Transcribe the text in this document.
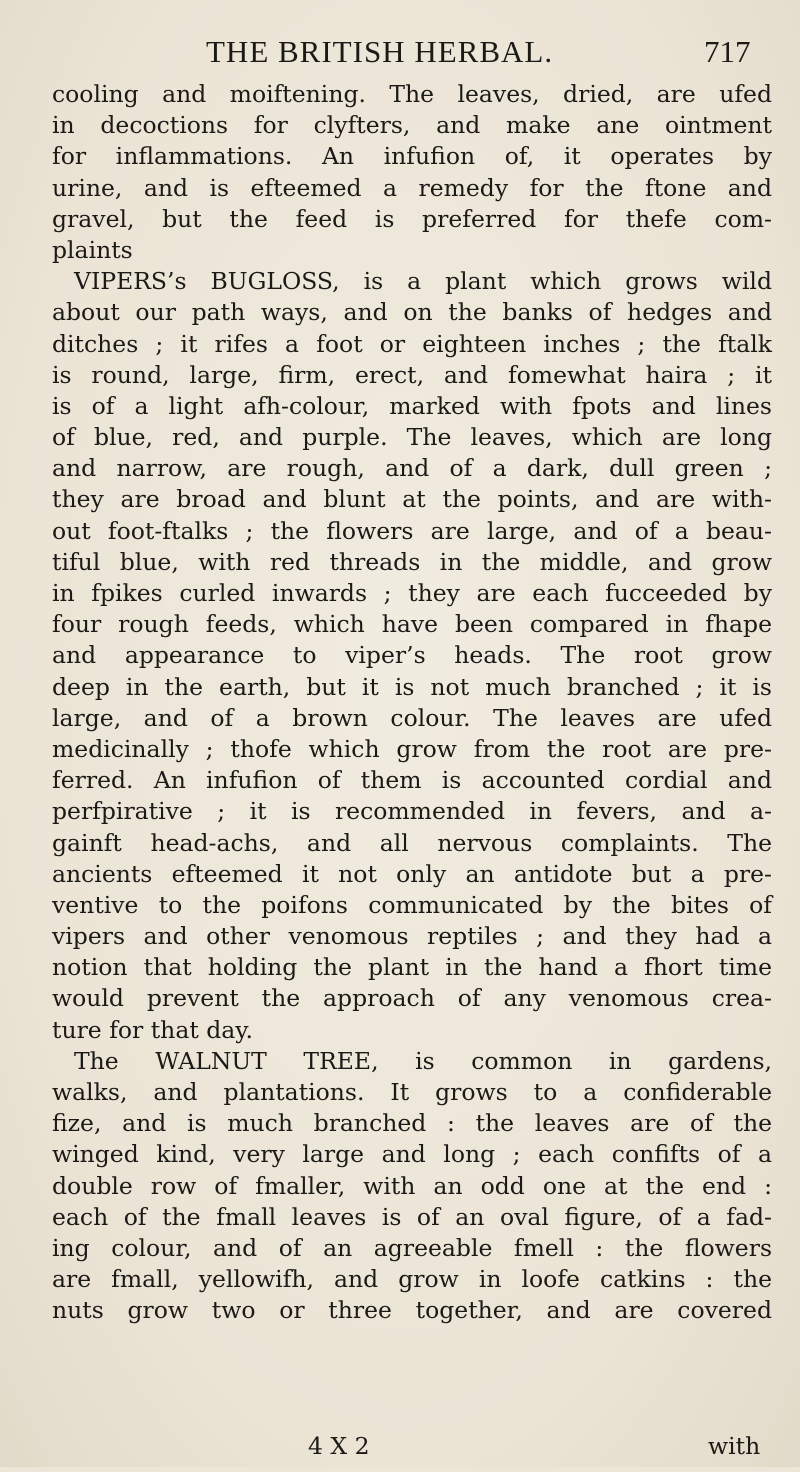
THE BRITISH HERBAL.	717
cooling and moiftening. The leaves, dried, are ufed
in decoctions for clyfters, and make ane ointment
for inflammations. An infufion of, it operates by
urine, and is efteemed a remedy for the ftone and
gravel, but the feed is preferred for thefe com-
plaints
VIPERS’s BUGLOSS, is a plant which grows wild
about our path ways, and on the banks of hedges and
ditches ; it rifes a foot or eighteen inches ; the ftalk
is round, large, firm, erect, and fomewhat haira ; it
is of a light afh-colour, marked with fpots and lines
of blue, red, and purple. The leaves, which are long
and narrow, are rough, and of a dark, dull green ;
they are broad and blunt at the points, and are with-
out foot-ftalks ; the flowers are large, and of a beau-
tiful blue, with red threads in the middle, and grow
in fpikes curled inwards ; they are each fucceeded by
four rough feeds, which have been compared in fhape
and appearance to viper’s heads. The root grow
deep in the earth, but it is not much branched ; it is
large, and of a brown colour. The leaves are ufed
medicinally ; thofe which grow from the root are pre-
ferred. An infufion of them is accounted cordial and
perfpirative ; it is recommended in fevers, and a-
gainft head-achs, and all nervous complaints. The
ancients efteemed it not only an antidote but a pre-
ventive to the poifons communicated by the bites of
vipers and other venomous reptiles ; and they had a
notion that holding the plant in the hand a fhort time
would prevent the approach of any venomous crea-
ture for that day.
The WALNUT TREE, is common in gardens,
walks, and plantations. It grows to a confiderable
fize, and is much branched : the leaves are of the
winged kind, very large and long ; each confifts of a
double row of fmaller, with an odd one at the end :
each of the fmall leaves is of an oval figure, of a fad-
ing colour, and of an agreeable fmell : the flowers
are fmall, yellowifh, and grow in loofe catkins : the
nuts grow two or three together, and are covered
4 X 2	with
